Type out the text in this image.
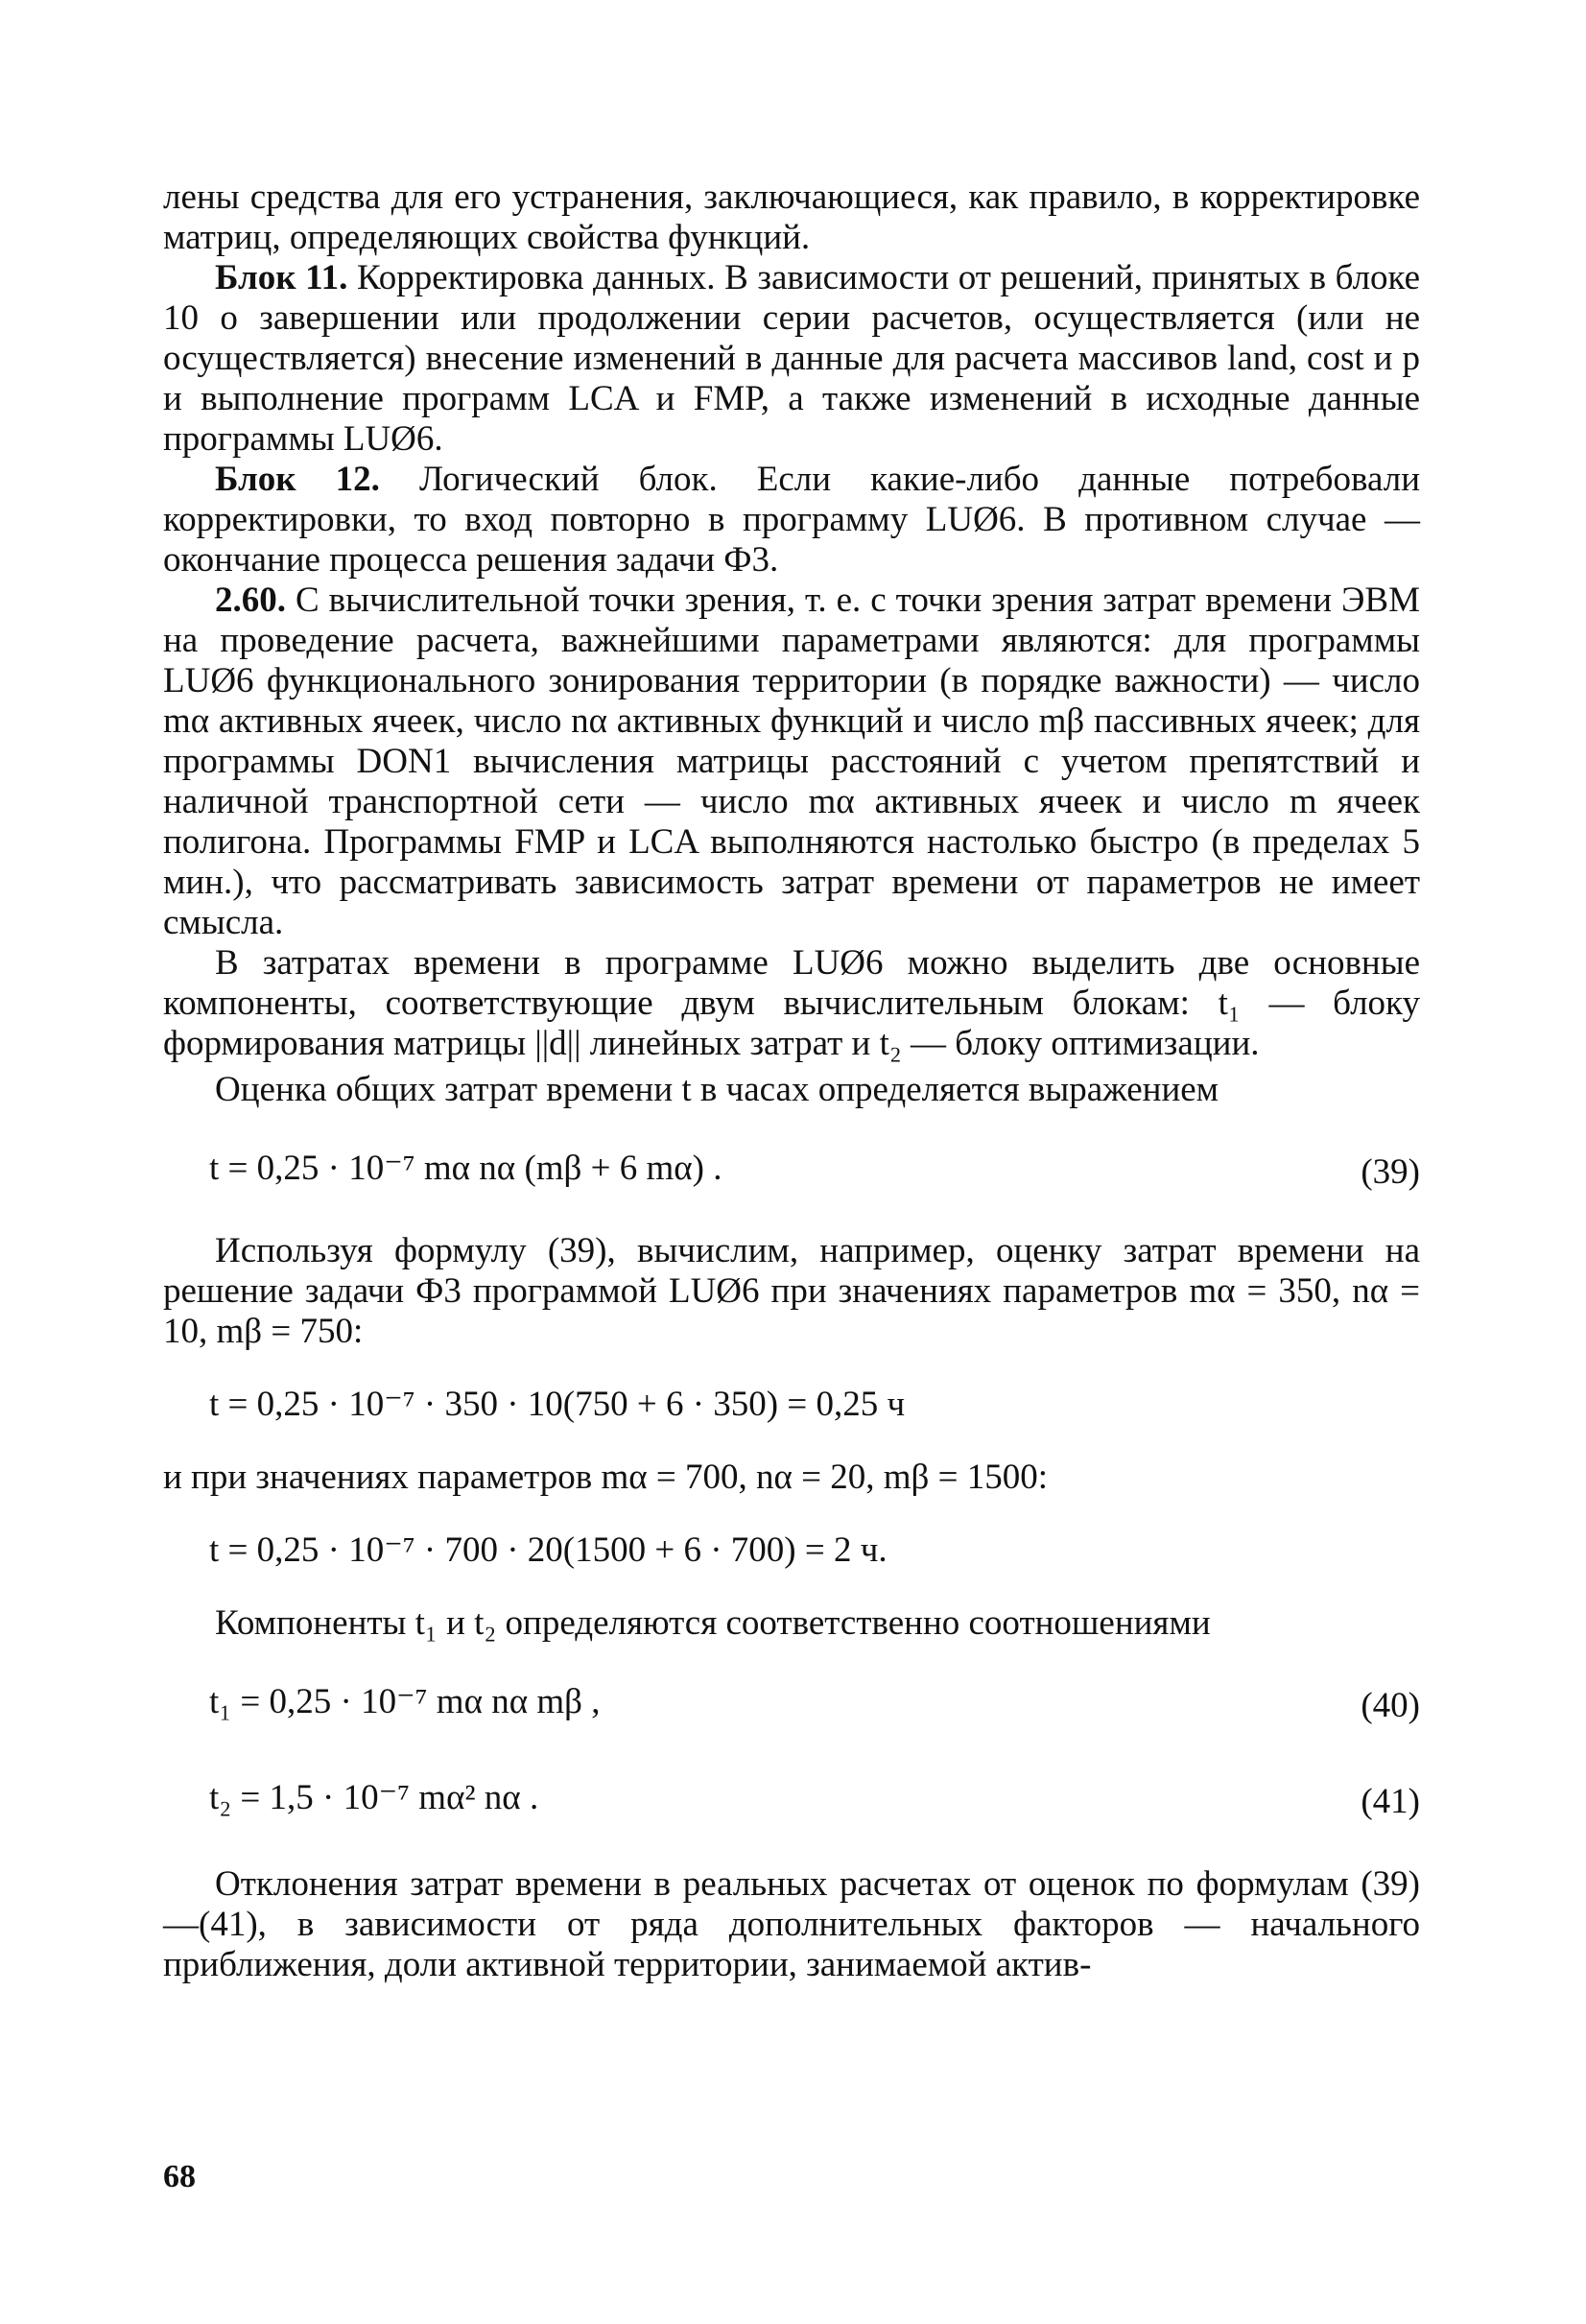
лены средства для его устранения, заключающиеся, как правило, в корректировке матриц, определяющих свойства функций.

Блок 11. Корректировка данных. В зависимости от решений, принятых в блоке 10 о завершении или продолжении серии расчетов, осуществляется (или не осуществляется) внесение изменений в данные для расчета массивов land, cost и p и выполнение программ LCA и FMP, а также изменений в исходные данные программы LUØ6.

Блок 12. Логический блок. Если какие-либо данные потребовали корректировки, то вход повторно в программу LUØ6. В противном случае — окончание процесса решения задачи Ф3.

2.60. С вычислительной точки зрения, т. е. с точки зрения затрат времени ЭВМ на проведение расчета, важнейшими параметрами являются: для программы LUØ6 функционального зонирования территории (в порядке важности) — число mα активных ячеек, число nα активных функций и число mβ пассивных ячеек; для программы DON1 вычисления матрицы расстояний с учетом препятствий и наличной транспортной сети — число mα активных ячеек и число m ячеек полигона. Программы FMP и LCA выполняются настолько быстро (в пределах 5 мин.), что рассматривать зависимость затрат времени от параметров не имеет смысла.

В затратах времени в программе LUØ6 можно выделить две основные компоненты, соответствующие двум вычислительным блокам: t₁ — блоку формирования матрицы ||d|| линейных затрат и t₂ — блоку оптимизации.

Оценка общих затрат времени t в часах определяется выражением

t = 0,25 · 10⁻⁷ mα nα (mβ + 6 mα) .	(39)

Используя формулу (39), вычислим, например, оценку затрат времени на решение задачи Ф3 программой LUØ6 при значениях параметров mα = 350, nα = 10, mβ = 750:

t = 0,25 · 10⁻⁷ · 350 · 10(750 + 6 · 350) = 0,25 ч

и при значениях параметров mα = 700, nα = 20, mβ = 1500:

t = 0,25 · 10⁻⁷ · 700 · 20(1500 + 6 · 700) = 2 ч.

Компоненты t₁ и t₂ определяются соответственно соотношениями

t₁ = 0,25 · 10⁻⁷ mα nα mβ ,	(40)
t₂ = 1,5 · 10⁻⁷ mα² nα .	(41)

Отклонения затрат времени в реальных расчетах от оценок по формулам (39)—(41), в зависимости от ряда дополнительных факторов — начального приближения, доли активной территории, занимаемой актив-

68
